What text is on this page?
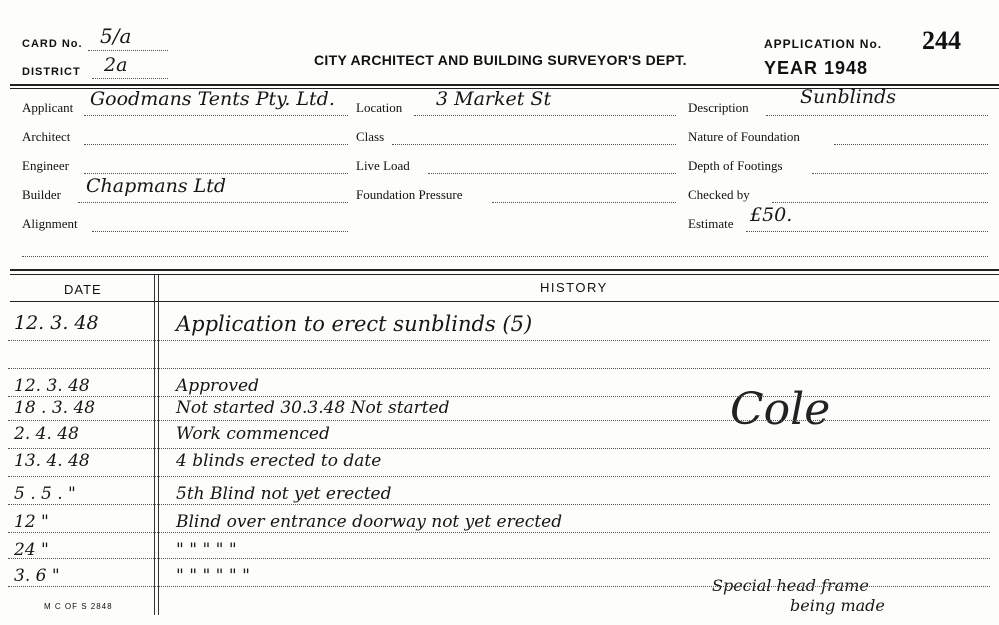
CARD No. 5/a
DISTRICT 2a	CITY ARCHITECT AND BUILDING SURVEYOR'S DEPT.
APPLICATION No. 244
YEAR 1948
Applicant Goodmans Tents Pty. Ltd.
Architect
Engineer
Builder Chapmans Ltd
Alignment
Location 3 Market St
Class
Live Load
Foundation Pressure
Description	Sunblinds
Nature of Foundation
Depth of Footings
Checked by
Estimate £50.
DATE	HISTORY
Cole
Special head frame
being made
M C OF S 2848
12. 3. 48	Application to erect sunblinds (5)
12. 3. 48	Approved
18 . 3. 48	Not started 30.3.48 Not started
2. 4. 48	Work commenced
13. 4. 48	4 blinds erected to date
5 . 5 . "	5th Blind not yet erected
12 "	Blind over entrance doorway not yet erected
24 "	" " " " "
3. 6 "	" " " " " "
